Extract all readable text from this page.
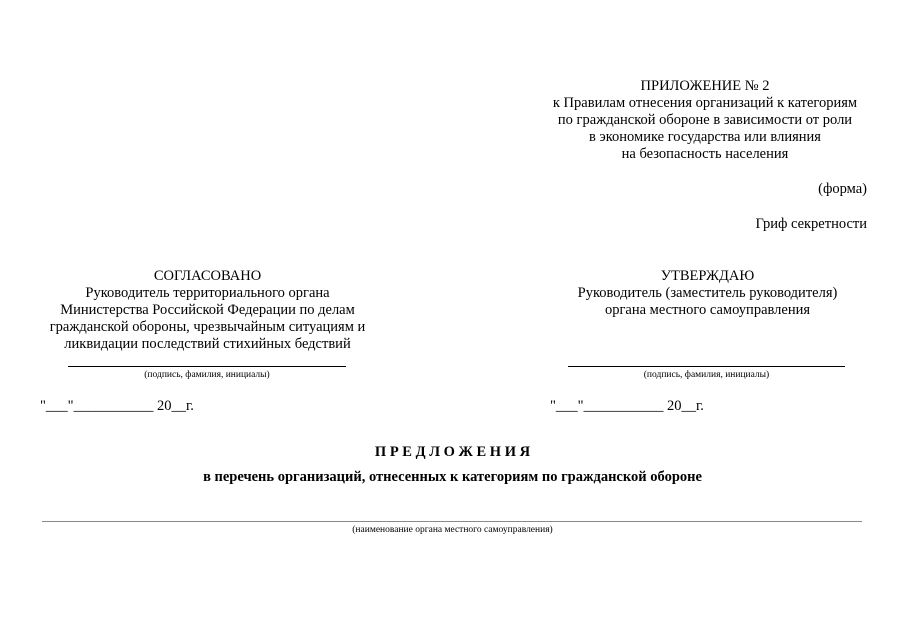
ПРИЛОЖЕНИЕ № 2
к Правилам отнесения организаций к категориям
по гражданской обороне в зависимости от роли
в экономике государства или влияния
на безопасность населения
(форма)
Гриф секретности
СОГЛАСОВАНО
Руководитель территориального органа
Министерства Российской Федерации по делам
гражданской обороны, чрезвычайным ситуациям и
ликвидации последствий стихийных бедствий
(подпись, фамилия, инициалы)
"___"___________ 20__г.
УТВЕРЖДАЮ
Руководитель (заместитель руководителя)
органа местного самоуправления
(подпись, фамилия, инициалы)
"___"___________ 20__г.
П Р Е Д Л О Ж Е Н И Я
в перечень организаций, отнесенных к категориям по гражданской обороне
(наименование органа местного самоуправления)
